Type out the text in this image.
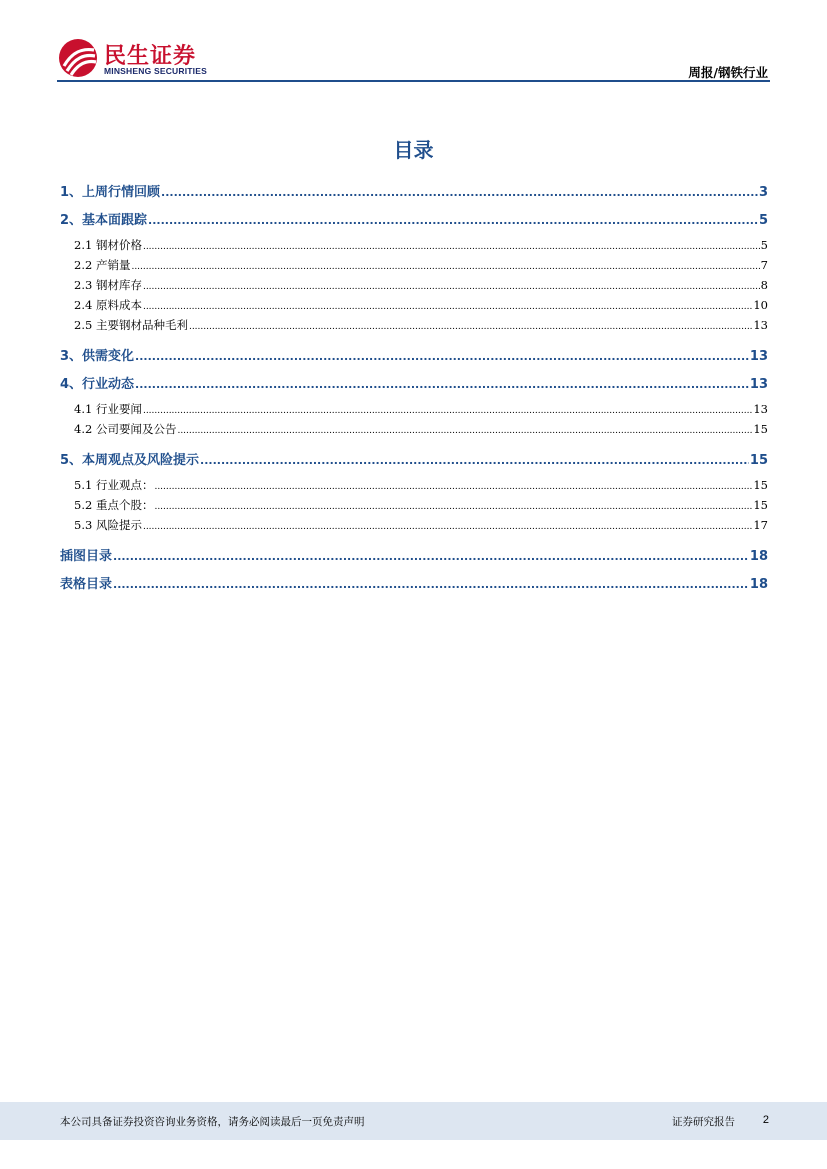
民生证券
MINSHENG SECURITIES	周报/钢铁行业
目录
1、上周行情回顾 .....	3
2、基本面跟踪 .....	5
2.1 钢材价格 .....	5
2.2 产销量 .....	7
2.3 钢材库存 .....	8
2.4 原料成本 .....	10
2.5 主要钢材品种毛利 .....	13
3、供需变化 .....	13
4、行业动态 .....	13
4.1 行业要闻 .....	13
4.2 公司要闻及公告 .....	15
5、本周观点及风险提示 .....	15
5.1 行业观点： .....	15
5.2 重点个股： .....	15
5.3 风险提示 .....	17
插图目录 .....	18
表格目录 .....	18
本公司具备证券投资咨询业务资格，请务必阅读最后一页免责声明	证券研究报告	2
